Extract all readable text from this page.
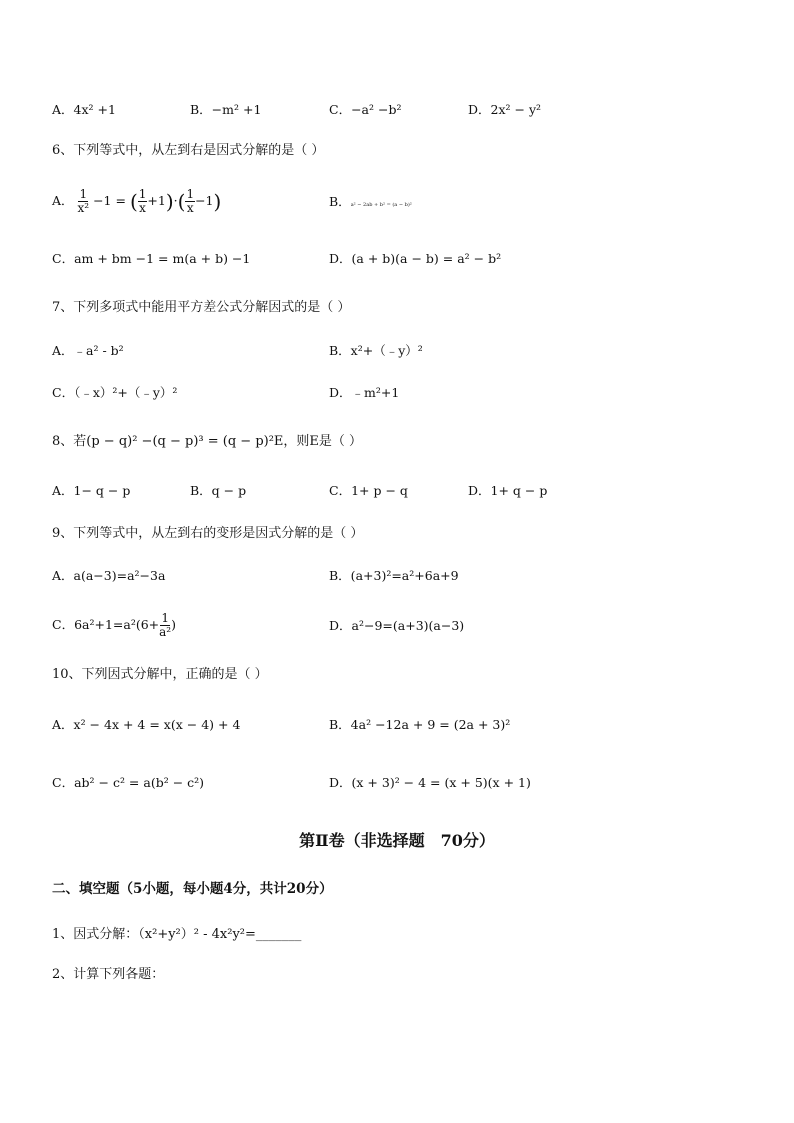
A．4x² +1	B．−m² +1	C．−a² −b²	D．2x² − y²
6、下列等式中，从左到右是因式分解的是（ ）
A． $\frac{1}{\text{x²}} -1$ = ( $\frac{1}{x} +1)\cdot( \frac{1}{x} -1)$	B．a² − 2ab + b² = (a − b)²
C．am + bm −1 = m(a + b) −1	D．(a + b)(a − b) = a² − b²
7、下列多项式中能用平方差公式分解因式的是（ ）
A．﹣a² - b²	B．x²+（﹣y）²
C．（﹣x）²+（﹣y）²	D．﹣m²+1
8、若(p − q)² −(q − p)³ = (q − p)²E，则E是（ ）
A．1− q − p	B．q − p	C．1+ p − q	D．1+ q − p
9、下列等式中，从左到右的变形是因式分解的是（ ）
A．a(a−3)=a²−3a	B．(a+3)²=a²+6a+9
C．$6a^2+1=a^2(6+ \frac{1}{\text{a²}}$ )	D．a²−9=(a+3)(a−3)
10、下列因式分解中，正确的是（ ）
A．x² − 4x + 4 = x(x − 4) + 4	B．4a² −12a + 9 = (2a + 3)²
C．ab² − c² = a(b² − c²)	D．(x + 3)² − 4 = (x + 5)(x + 1)
第Ⅱ卷（非选择题　70分）
二、填空题（5小题，每小题4分，共计20分）
1、因式分解：（x²+y²）² - 4x²y²=_______
2、计算下列各题：
